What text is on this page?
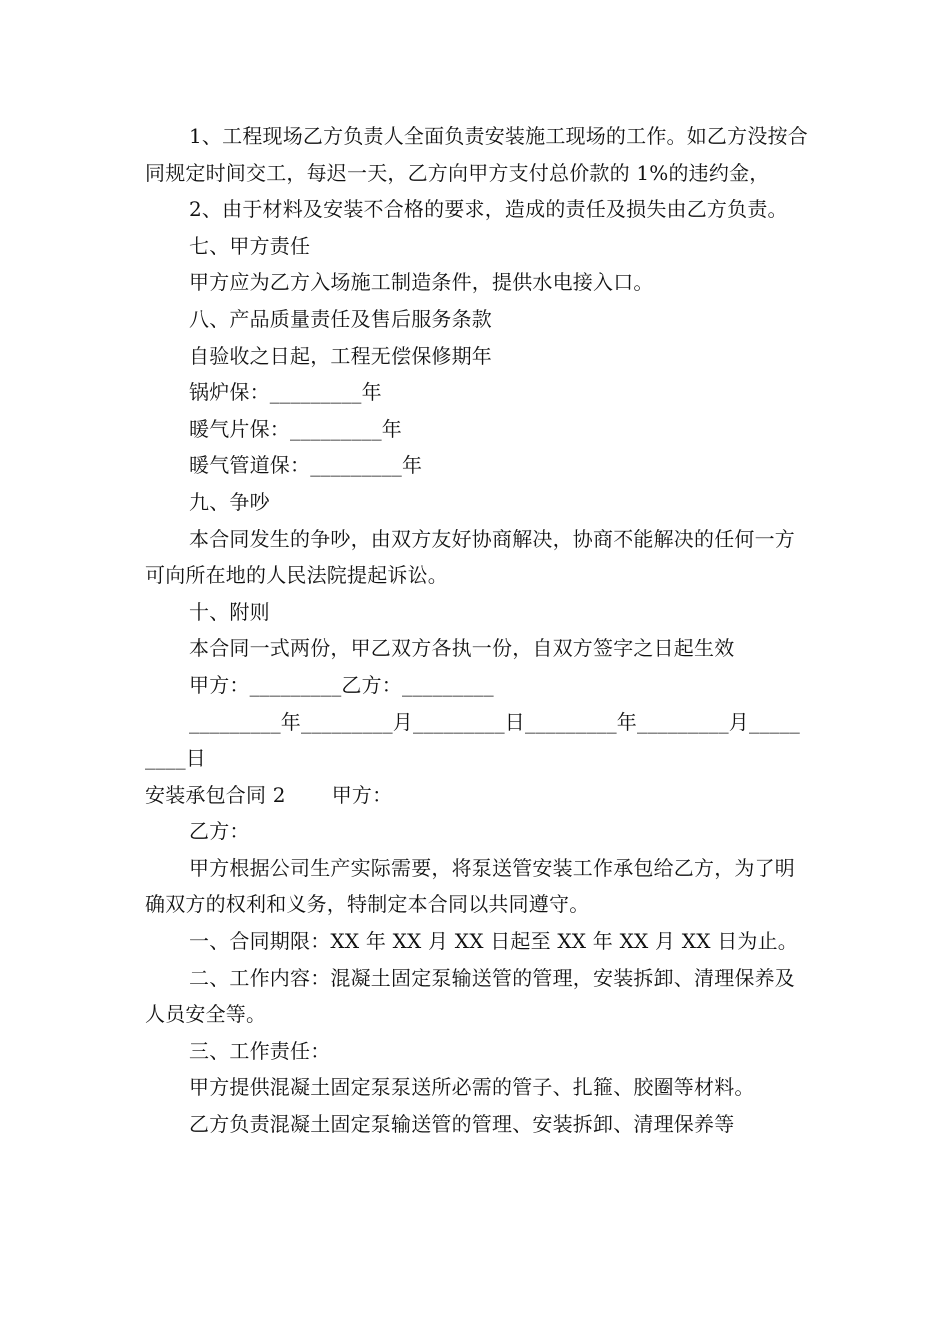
1、工程现场乙方负责人全面负责安装施工现场的工作。如乙方没按合同规定时间交工，每迟一天，乙方向甲方支付总价款的 1%的违约金，

2、由于材料及安装不合格的要求，造成的责任及损失由乙方负责。

七、甲方责任

甲方应为乙方入场施工制造条件，提供水电接入口。

八、产品质量责任及售后服务条款

自验收之日起，工程无偿保修期年

锅炉保：_________年

暖气片保：_________年

暖气管道保：_________年

九、争吵

本合同发生的争吵，由双方友好协商解决，协商不能解决的任何一方可向所在地的人民法院提起诉讼。

十、附则

本合同一式两份，甲乙双方各执一份，自双方签字之日起生效

甲方：_________乙方：_________

_________年_________月_________日_________年_________月_________日

安装承包合同 2 甲方：

乙方：

甲方根据公司生产实际需要，将泵送管安装工作承包给乙方，为了明确双方的权利和义务，特制定本合同以共同遵守。

一、合同期限：XX 年 XX 月 XX 日起至 XX 年 XX 月 XX 日为止。

二、工作内容：混凝土固定泵输送管的管理，安装拆卸、清理保养及人员安全等。

三、工作责任：

甲方提供混凝土固定泵泵送所必需的管子、扎箍、胶圈等材料。

乙方负责混凝土固定泵输送管的管理、安装拆卸、清理保养等
